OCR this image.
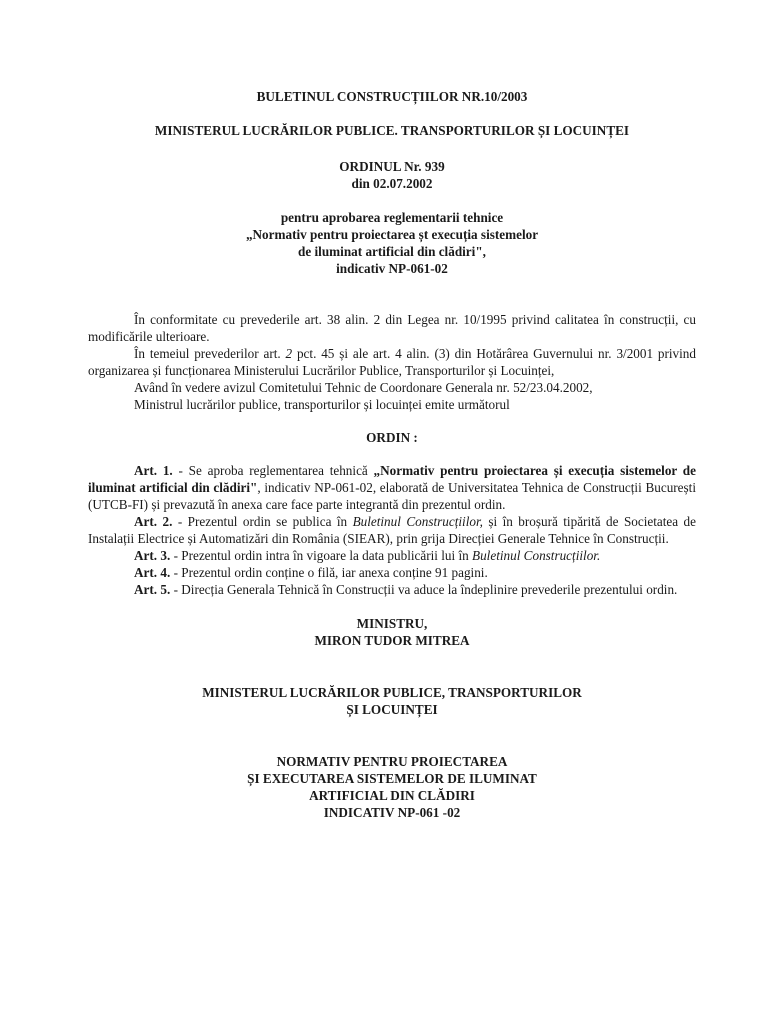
BULETINUL CONSTRUCȚIILOR NR.10/2003
MINISTERUL LUCRĂRILOR PUBLICE. TRANSPORTURILOR ȘI LOCUINȚEI
ORDINUL Nr. 939
din 02.07.2002
pentru aprobarea reglementarii tehnice
„Normativ pentru proiectarea șt execuția sistemelor
de iluminat artificial din clădiri",
indicativ NP-061-02

În conformitate cu prevederile art. 38 alin. 2 din Legea nr. 10/1995 privind calitatea în construcții, cu modificările ulterioare.

În temeiul prevederilor art. 2 pct. 45 și ale art. 4 alin. (3) din Hotărârea Guvernului nr. 3/2001 privind organizarea și funcționarea Ministerului Lucrărilor Publice, Transporturilor și Locuinței,

Având în vedere avizul Comitetului Tehnic de Coordonare Generala nr. 52/23.04.2002,

Ministrul lucrărilor publice, transporturilor și locuinței emite următorul

ORDIN :

Art. 1. - Se aproba reglementarea tehnică „Normativ pentru proiectarea și execuția sistemelor de iluminat artificial din clădiri", indicativ NP-061-02, elaborată de Universitatea Tehnica de Construcții București (UTCB-FI) și prevazută în anexa care face parte integrantă din prezentul ordin.

Art. 2. - Prezentul ordin se publica în Buletinul Construcțiilor, și în broșură tipărită de Societatea de Instalații Electrice și Automatizări din România (SIEAR), prin grija Direcției Generale Tehnice în Construcții.

Art. 3. - Prezentul ordin intra în vigoare la data publicării lui în Buletinul Construcțiilor.

Art. 4. - Prezentul ordin conține o filă, iar anexa conține 91 pagini.

Art. 5. - Direcția Generala Tehnică în Construcții va aduce la îndeplinire prevederile prezentului ordin.

MINISTRU,
MIRON TUDOR MITREA
MINISTERUL LUCRĂRILOR PUBLICE, TRANSPORTURILOR
ȘI LOCUINȚEI
NORMATIV PENTRU PROIECTAREA
ȘI EXECUTAREA SISTEMELOR DE ILUMINAT
ARTIFICIAL DIN CLĂDIRI
INDICATIV NP-061 -02
